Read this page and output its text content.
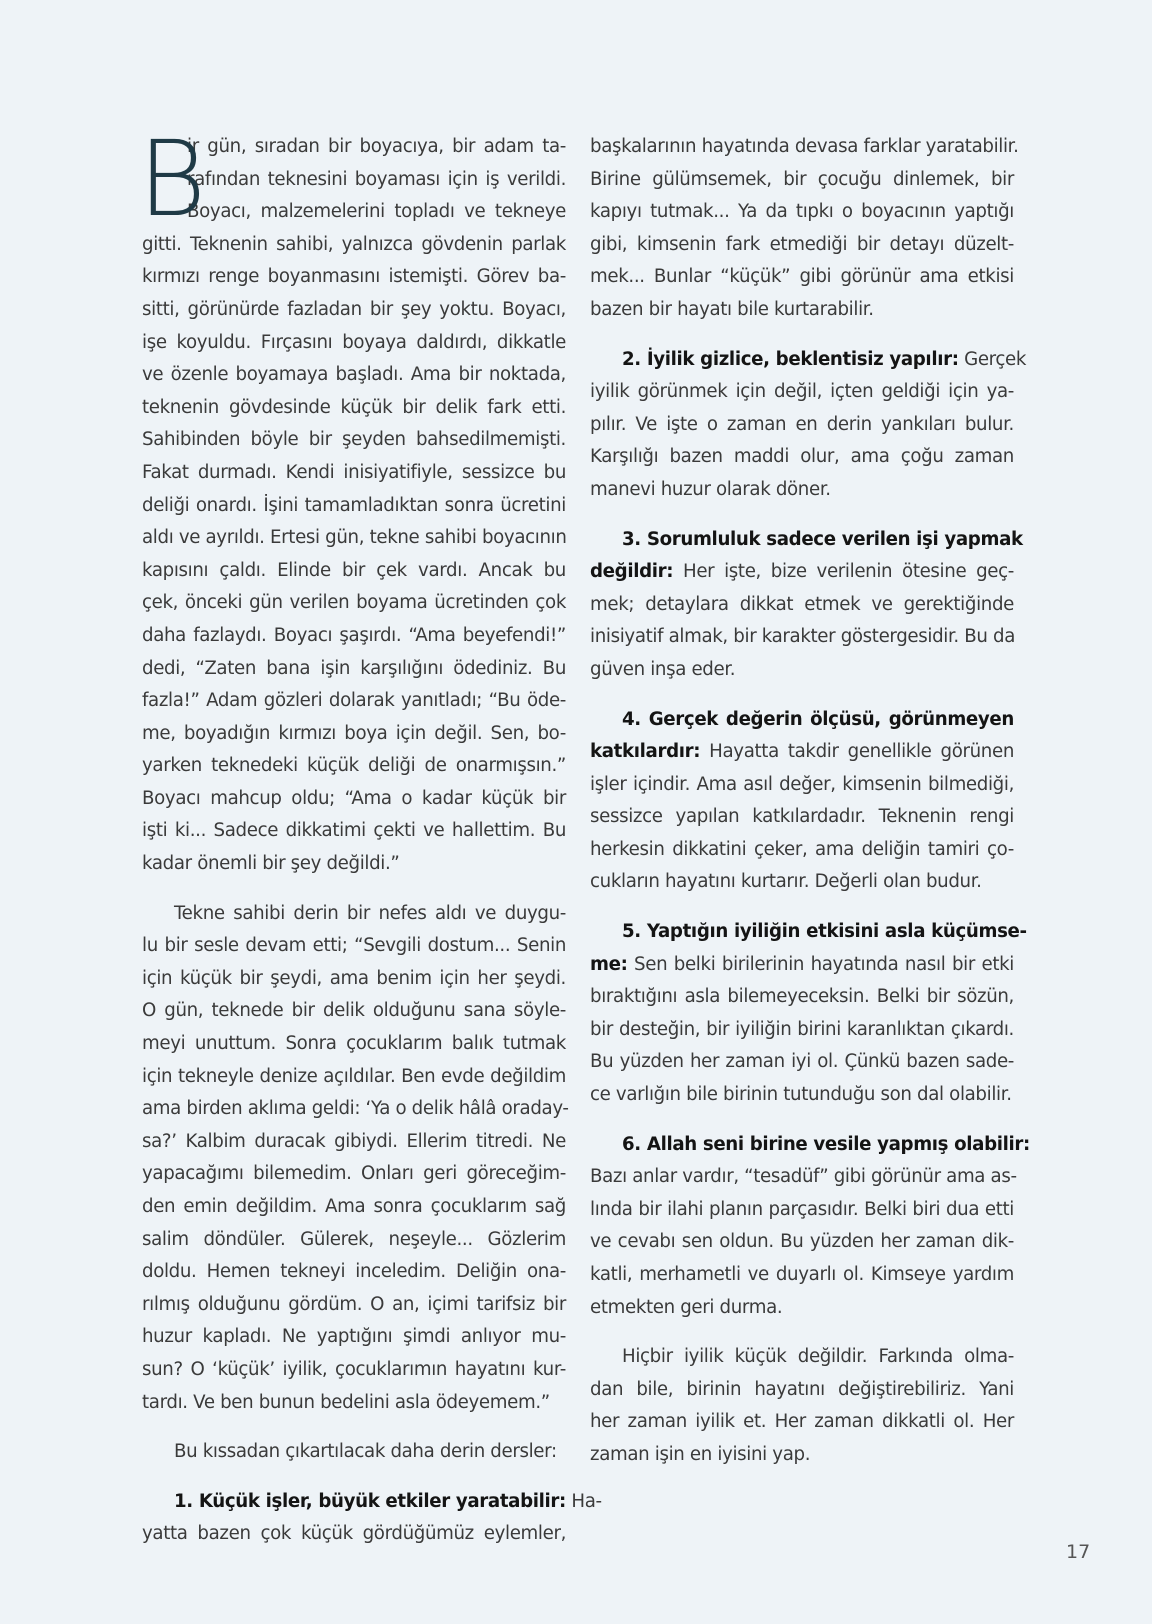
B
ir gün, sıradan bir boyacıya, bir adam ta-
rafından teknesini boyaması için iş verildi.
Boyacı, malzemelerini topladı ve tekneye
gitti. Teknenin sahibi, yalnızca gövdenin parlak
kırmızı renge boyanmasını istemişti. Görev ba-
sitti, görünürde fazladan bir şey yoktu. Boyacı,
işe koyuldu. Fırçasını boyaya daldırdı, dikkatle
ve özenle boyamaya başladı. Ama bir noktada,
teknenin gövdesinde küçük bir delik fark etti.
Sahibinden böyle bir şeyden bahsedilmemişti.
Fakat durmadı. Kendi inisiyatifiyle, sessizce bu
deliği onardı. İşini tamamladıktan sonra ücretini
aldı ve ayrıldı. Ertesi gün, tekne sahibi boyacının
kapısını çaldı. Elinde bir çek vardı. Ancak bu
çek, önceki gün verilen boyama ücretinden çok
daha fazlaydı. Boyacı şaşırdı. “Ama beyefendi!”
dedi, “Zaten bana işin karşılığını ödediniz. Bu
fazla!” Adam gözleri dolarak yanıtladı; “Bu öde-
me, boyadığın kırmızı boya için değil. Sen, bo-
yarken teknedeki küçük deliği de onarmışsın.”
Boyacı mahcup oldu; “Ama o kadar küçük bir
işti ki... Sadece dikkatimi çekti ve hallettim. Bu
kadar önemli bir şey değildi.”
Tekne sahibi derin bir nefes aldı ve duygu-
lu bir sesle devam etti; “Sevgili dostum... Senin
için küçük bir şeydi, ama benim için her şeydi.
O gün, teknede bir delik olduğunu sana söyle-
meyi unuttum. Sonra çocuklarım balık tutmak
için tekneyle denize açıldılar. Ben evde değildim
ama birden aklıma geldi: ‘Ya o delik hâlâ oraday-
sa?’ Kalbim duracak gibiydi. Ellerim titredi. Ne
yapacağımı bilemedim. Onları geri göreceğim-
den emin değildim. Ama sonra çocuklarım sağ
salim döndüler. Gülerek, neşeyle... Gözlerim
doldu. Hemen tekneyi inceledim. Deliğin ona-
rılmış olduğunu gördüm. O an, içimi tarifsiz bir
huzur kapladı. Ne yaptığını şimdi anlıyor mu-
sun? O ‘küçük’ iyilik, çocuklarımın hayatını kur-
tardı. Ve ben bunun bedelini asla ödeyemem.”
Bu kıssadan çıkartılacak daha derin dersler:
1. Küçük işler, büyük etkiler yaratabilir: Ha-
yatta bazen çok küçük gördüğümüz eylemler,
başkalarının hayatında devasa farklar yaratabilir.
Birine gülümsemek, bir çocuğu dinlemek, bir
kapıyı tutmak... Ya da tıpkı o boyacının yaptığı
gibi, kimsenin fark etmediği bir detayı düzelt-
mek... Bunlar “küçük” gibi görünür ama etkisi
bazen bir hayatı bile kurtarabilir.
2. İyilik gizlice, beklentisiz yapılır: Gerçek
iyilik görünmek için değil, içten geldiği için ya-
pılır. Ve işte o zaman en derin yankıları bulur.
Karşılığı bazen maddi olur, ama çoğu zaman
manevi huzur olarak döner.
3. Sorumluluk sadece verilen işi yapmak
değildir: Her işte, bize verilenin ötesine geç-
mek; detaylara dikkat etmek ve gerektiğinde
inisiyatif almak, bir karakter göstergesidir. Bu da
güven inşa eder.
4. Gerçek değerin ölçüsü, görünmeyen
katkılardır: Hayatta takdir genellikle görünen
işler içindir. Ama asıl değer, kimsenin bilmediği,
sessizce yapılan katkılardadır. Teknenin rengi
herkesin dikkatini çeker, ama deliğin tamiri ço-
cukların hayatını kurtarır. Değerli olan budur.
5. Yaptığın iyiliğin etkisini asla küçümse-
me: Sen belki birilerinin hayatında nasıl bir etki
bıraktığını asla bilemeyeceksin. Belki bir sözün,
bir desteğin, bir iyiliğin birini karanlıktan çıkardı.
Bu yüzden her zaman iyi ol. Çünkü bazen sade-
ce varlığın bile birinin tutunduğu son dal olabilir.
6. Allah seni birine vesile yapmış olabilir:
Bazı anlar vardır, “tesadüf” gibi görünür ama as-
lında bir ilahi planın parçasıdır. Belki biri dua etti
ve cevabı sen oldun. Bu yüzden her zaman dik-
katli, merhametli ve duyarlı ol. Kimseye yardım
etmekten geri durma.
Hiçbir iyilik küçük değildir. Farkında olma-
dan bile, birinin hayatını değiştirebiliriz. Yani
her zaman iyilik et. Her zaman dikkatli ol. Her
zaman işin en iyisini yap.
17
